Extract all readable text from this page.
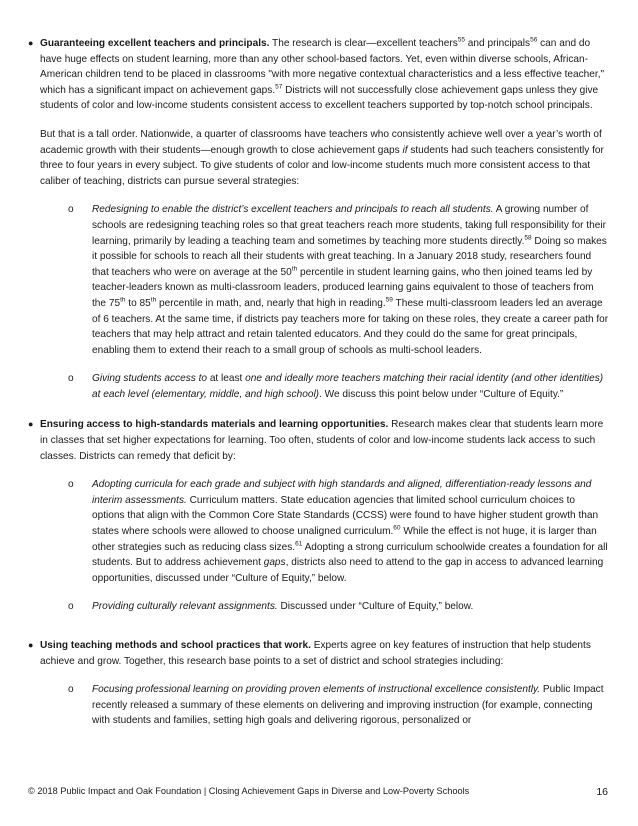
● Guaranteeing excellent teachers and principals. The research is clear—excellent teachers$^{55}$ and principals$^{56}$ can and do have huge effects on student learning, more than any other school-based factors. Yet, even within diverse schools, African-American children tend to be placed in classrooms "with more negative contextual characteristics and a less effective teacher," which has a significant impact on achievement gaps.$^{57}$ Districts will not successfully close achievement gaps unless they give students of color and low-income students consistent access to excellent teachers supported by top-notch school principals.

But that is a tall order. Nationwide, a quarter of classrooms have teachers who consistently achieve well over a year’s worth of academic growth with their students—enough growth to close achievement gaps if students had such teachers consistently for three to four years in every subject. To give students of color and low-income students much more consistent access to that caliber of teaching, districts can pursue several strategies:

o Redesigning to enable the district’s excellent teachers and principals to reach all students. A growing number of schools are redesigning teaching roles so that great teachers reach more students, taking full responsibility for their learning, primarily by leading a teaching team and sometimes by teaching more students directly.$^{58}$ Doing so makes it possible for schools to reach all their students with great teaching. In a January 2018 study, researchers found that teachers who were on average at the 50th percentile in student learning gains, who then joined teams led by teacher-leaders known as multi-classroom leaders, produced learning gains equivalent to those of teachers from the 75th to 85th percentile in math, and, nearly that high in reading.$^{59}$ These multi-classroom leaders led an average of 6 teachers. At the same time, if districts pay teachers more for taking on these roles, they create a career path for teachers that may help attract and retain talented educators. And they could do the same for great principals, enabling them to extend their reach to a small group of schools as multi-school leaders.

o Giving students access to at least one and ideally more teachers matching their racial identity (and other identities) at each level (elementary, middle, and high school). We discuss this point below under “Culture of Equity.”

● Ensuring access to high-standards materials and learning opportunities. Research makes clear that students learn more in classes that set higher expectations for learning. Too often, students of color and low-income students lack access to such classes. Districts can remedy that deficit by:

o Adopting curricula for each grade and subject with high standards and aligned, differentiation-ready lessons and interim assessments. Curriculum matters. State education agencies that limited school curriculum choices to options that align with the Common Core State Standards (CCSS) were found to have higher student growth than states where schools were allowed to choose unaligned curriculum.$^{60}$ While the effect is not huge, it is larger than other strategies such as reducing class sizes.$^{61}$ Adopting a strong curriculum schoolwide creates a foundation for all students. But to address achievement gaps, districts also need to attend to the gap in access to advanced learning opportunities, discussed under “Culture of Equity,” below.

o Providing culturally relevant assignments. Discussed under “Culture of Equity,” below.

● Using teaching methods and school practices that work. Experts agree on key features of instruction that help students achieve and grow. Together, this research base points to a set of district and school strategies including:

o Focusing professional learning on providing proven elements of instructional excellence consistently. Public Impact recently released a summary of these elements on delivering and improving instruction (for example, connecting with students and families, setting high goals and delivering rigorous, personalized or

© 2018 Public Impact and Oak Foundation | Closing Achievement Gaps in Diverse and Low-Poverty Schools	16
